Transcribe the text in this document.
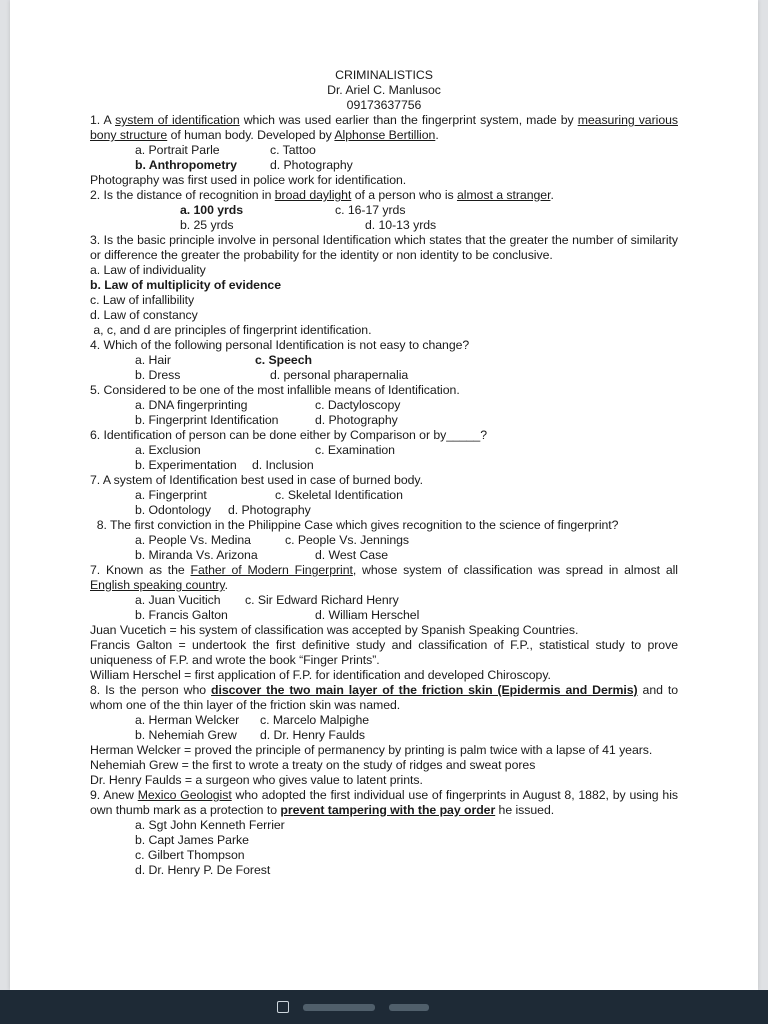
CRIMINALISTICS
Dr. Ariel C. Manlusoc
09173637756
1. A system of identification which was used earlier than the fingerprint system, made by measuring various bony structure of human body. Developed by Alphonse Bertillion.
a. Portrait Parle	c. Tattoo
b. Anthropometry	d. Photography
Photography was first used in police work for identification.
2. Is the distance of recognition in broad daylight of a person who is almost a stranger.
a. 100 yrds	c. 16-17 yrds
b. 25 yrds	d. 10-13 yrds
3. Is the basic principle involve in personal Identification which states that the greater the number of similarity or difference the greater the probability for the identity or non identity to be conclusive.
a. Law of individuality
b. Law of multiplicity of evidence
c. Law of infallibility
d. Law of constancy
a, c, and d are principles of fingerprint identification.
4. Which of the following personal Identification is not easy to change?
a. Hair	c. Speech
b. Dress	d. personal pharapernalia
5. Considered to be one of the most infallible means of Identification.
a. DNA fingerprinting	c. Dactyloscopy
b. Fingerprint Identification	d. Photography
6. Identification of person can be done either by Comparison or by_____?
a. Exclusion	c. Examination
b. Experimentation d. Inclusion
7. A system of Identification best used in case of burned body.
a. Fingerprint	c. Skeletal Identification
b. Odontology d. Photography
8. The first conviction in the Philippine Case which gives recognition to the science of fingerprint?
a. People Vs. Medina	c. People Vs. Jennings
b. Miranda Vs. Arizona	d. West Case
7. Known as the Father of Modern Fingerprint, whose system of classification was spread in almost all English speaking country.
a. Juan Vucitich c. Sir Edward Richard Henry
b. Francis Galton	d. William Herschel
Juan Vucetich = his system of classification was accepted by Spanish Speaking Countries.
Francis Galton = undertook the first definitive study and classification of F.P., statistical study to prove uniqueness of F.P. and wrote the book “Finger Prints”.
William Herschel = first application of F.P. for identification and developed Chiroscopy.
8. Is the person who discover the two main layer of the friction skin (Epidermis and Dermis) and to whom one of the thin layer of the friction skin was named.
a. Herman Welcker c. Marcelo Malpighe
b. Nehemiah Grew d. Dr. Henry Faulds
Herman Welcker = proved the principle of permanency by printing is palm twice with a lapse of 41 years.
Nehemiah Grew = the first to wrote a treaty on the study of ridges and sweat pores
Dr. Henry Faulds = a surgeon who gives value to latent prints.
9. Anew Mexico Geologist who adopted the first individual use of fingerprints in August 8, 1882, by using his own thumb mark as a protection to prevent tampering with the pay order he issued.
a. Sgt John Kenneth Ferrier
b. Capt James Parke
c. Gilbert Thompson
d. Dr. Henry P. De Forest
